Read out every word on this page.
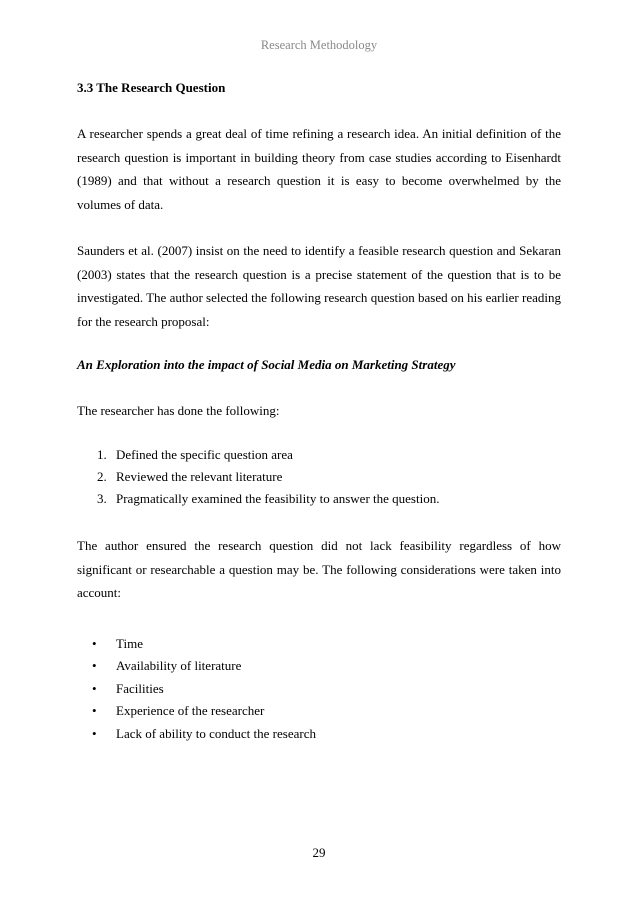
Research Methodology

3.3 The Research Question

A researcher spends a great deal of time refining a research idea. An initial definition of the research question is important in building theory from case studies according to Eisenhardt (1989) and that without a research question it is easy to become overwhelmed by the volumes of data.

Saunders et al. (2007) insist on the need to identify a feasible research question and Sekaran (2003) states that the research question is a precise statement of the question that is to be investigated. The author selected the following research question based on his earlier reading for the research proposal:

An Exploration into the impact of Social Media on Marketing Strategy

The researcher has done the following:

1. Defined the specific question area
2. Reviewed the relevant literature
3. Pragmatically examined the feasibility to answer the question.

The author ensured the research question did not lack feasibility regardless of how significant or researchable a question may be. The following considerations were taken into account:

• Time
• Availability of literature
• Facilities
• Experience of the researcher
• Lack of ability to conduct the research
29
